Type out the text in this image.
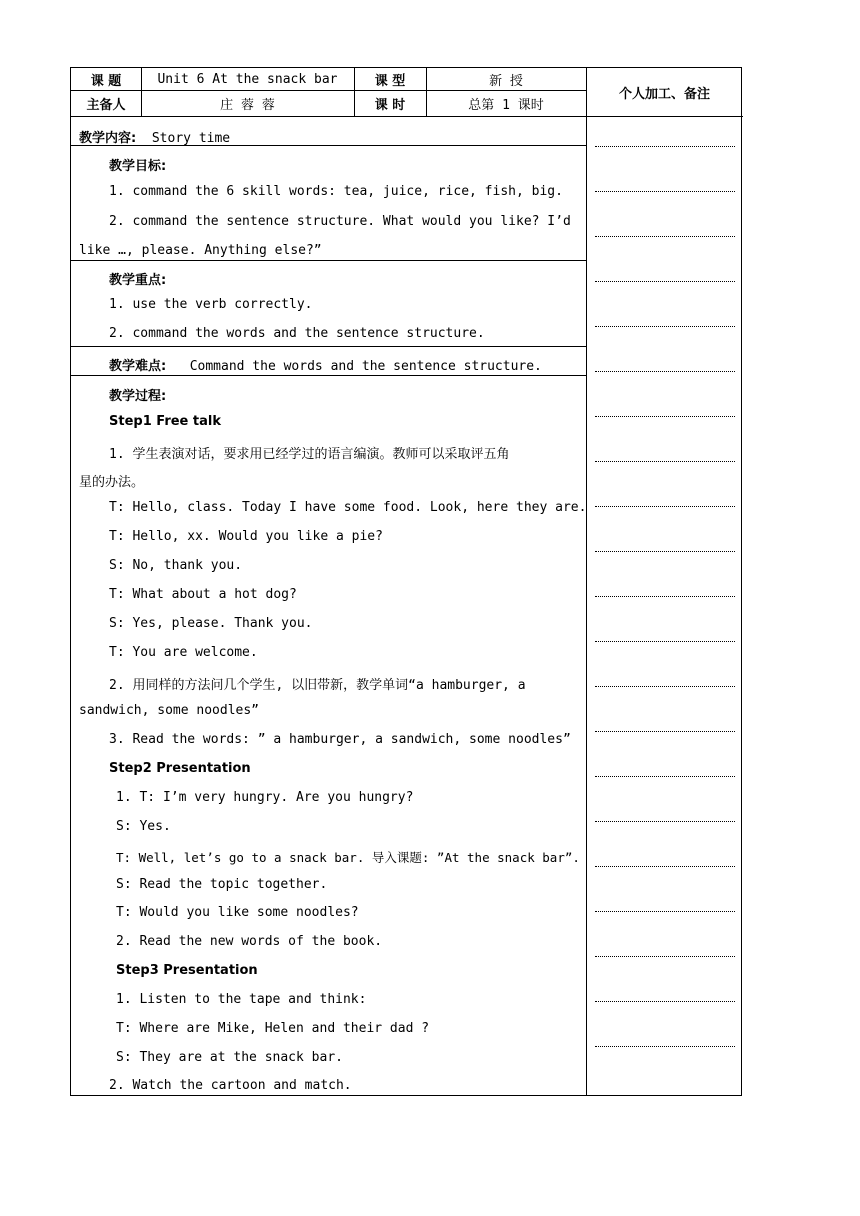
课 题	Unit 6 At the snack bar	课 型	新 授
主备人	庄 蓉 蓉	课 时	总第 1 课时
个人加工、备注
教学内容: Story time
教学目标:
1. command the 6 skill words: tea, juice, rice, fish, big.
2. command the sentence structure. What would you like? I’d
like …, please. Anything else?”
教学重点:
1. use the verb correctly.
2. command the words and the sentence structure.
教学难点: Command the words and the sentence structure.
教学过程:
Step1 Free talk
1. 学生表演对话，要求用已经学过的语言编演。教师可以采取评五角
星的办法。
T: Hello, class. Today I have some food. Look, here they are.
T: Hello, xx. Would you like a pie?
S: No, thank you.
T: What about a hot dog?
S: Yes, please. Thank you.
T: You are welcome.
2. 用同样的方法问几个学生, 以旧带新，教学单词“a hamburger, a
sandwich, some noodles”
3. Read the words: ” a hamburger, a sandwich, some noodles”
Step2 Presentation
1. T: I’m very hungry. Are you hungry?
S: Yes.
T: Well, let’s go to a snack bar. 导入课题: ”At the snack bar”.
S: Read the topic together.
T: Would you like some noodles?
2. Read the new words of the book.
Step3 Presentation
1. Listen to the tape and think:
T: Where are Mike, Helen and their dad ?
S: They are at the snack bar.
2. Watch the cartoon and match.
